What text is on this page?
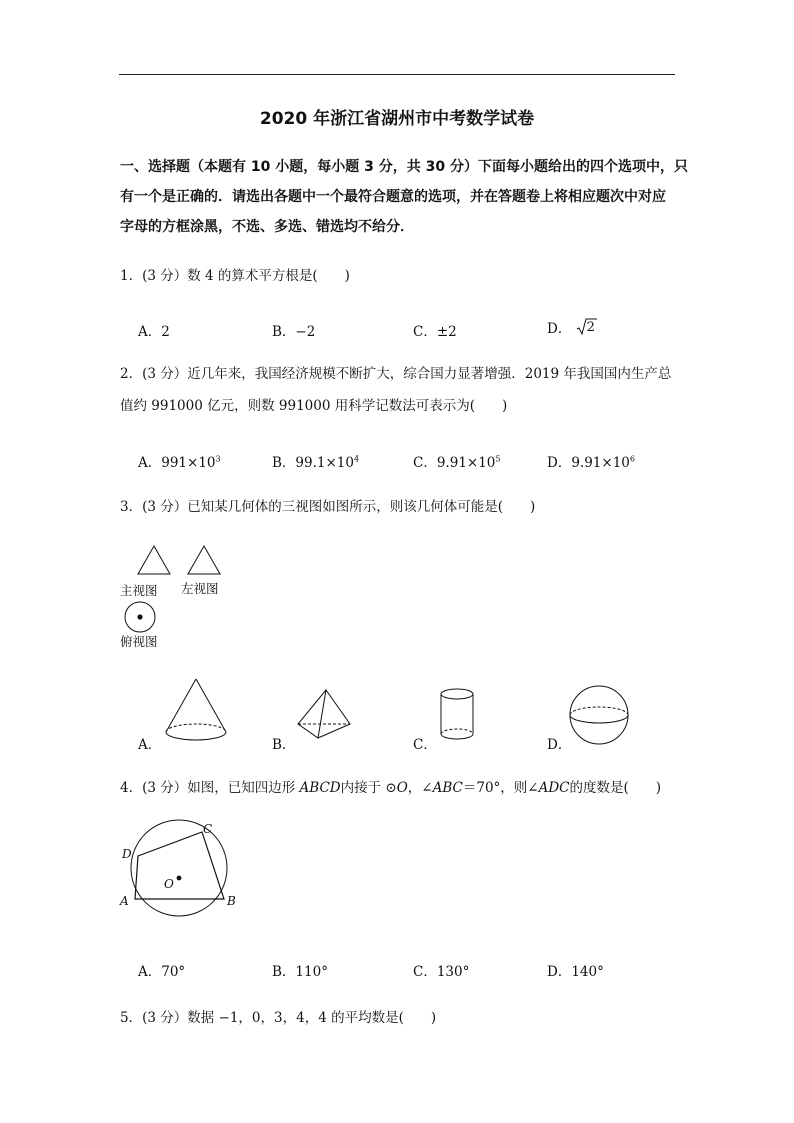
2020 年浙江省湖州市中考数学试卷
一、选择题（本题有 10 小题，每小题 3 分，共 30 分）下面每小题给出的四个选项中，只
有一个是正确的．请选出各题中一个最符合题意的选项，并在答题卷上将相应题次中对应
字母的方框涂黑，不选、多选、错选均不给分．
1．(3 分）数 4 的算术平方根是(　　)
A．2	B．−2	C．±2	D． 2
2．(3 分）近几年来，我国经济规模不断扩大，综合国力显著增强．2019 年我国国内生产总
值约 991000 亿元，则数 991000 用科学记数法可表示为(　　)
A．$991\times 10^3$	B．$99.1\times 10^4$	C．$9.91\times 10^5$	D．$9.91\times 10^6$
3．(3 分）已知某几何体的三视图如图所示，则该几何体可能是(　　)
主视图 左视图
俯视图
A．	B．	C．	D．
4．(3 分）如图，已知四边形 ABCD内接于 ⊙O，∠ABC＝70°，则∠ADC的度数是(　　)
A	B
C
D
O
A．70°	B．110°	C．130°	D．140°
5．(3 分）数据 −1，0，3，4，4 的平均数是(　　)
